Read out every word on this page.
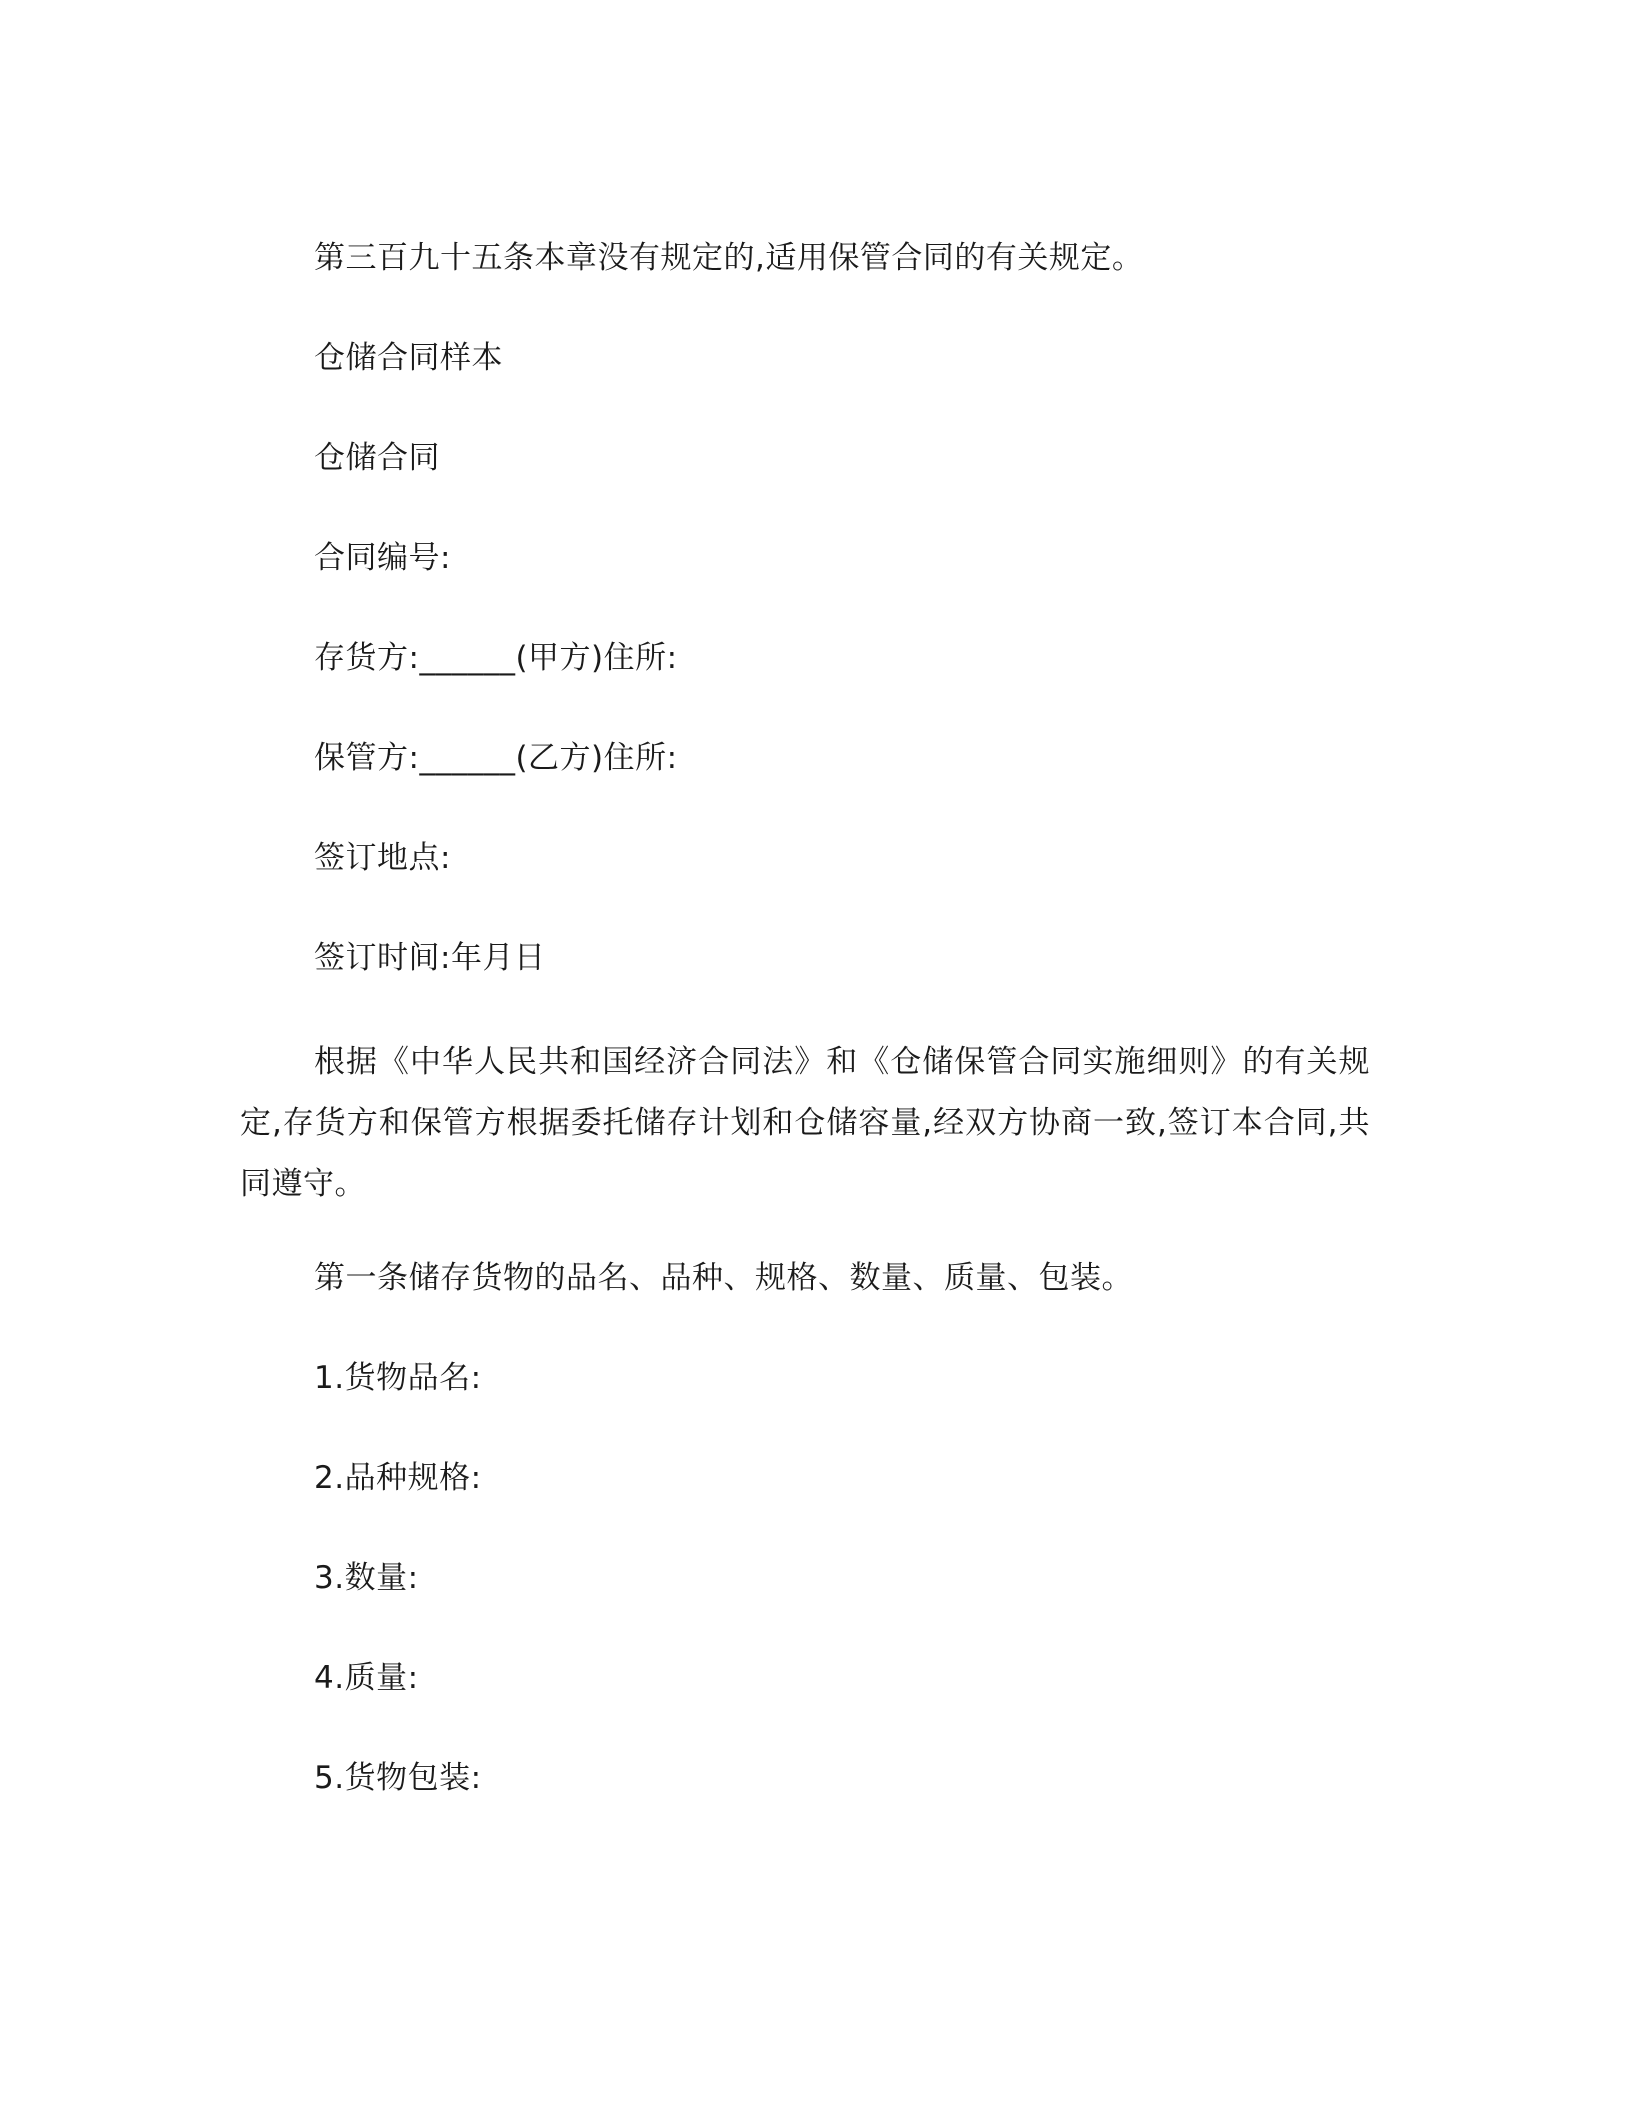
第三百九十五条本章没有规定的,适用保管合同的有关规定。
仓储合同样本
仓储合同
合同编号:
存货方:______(甲方)住所:
保管方:______(乙方)住所:
签订地点:
签订时间:年月日
根据《中华人民共和国经济合同法》和《仓储保管合同实施细则》的有关规定,存货方和保管方根据委托储存计划和仓储容量,经双方协商一致,签订本合同,共同遵守。
第一条储存货物的品名、品种、规格、数量、质量、包装。
1.货物品名:
2.品种规格:
3.数量:
4.质量:
5.货物包装:
